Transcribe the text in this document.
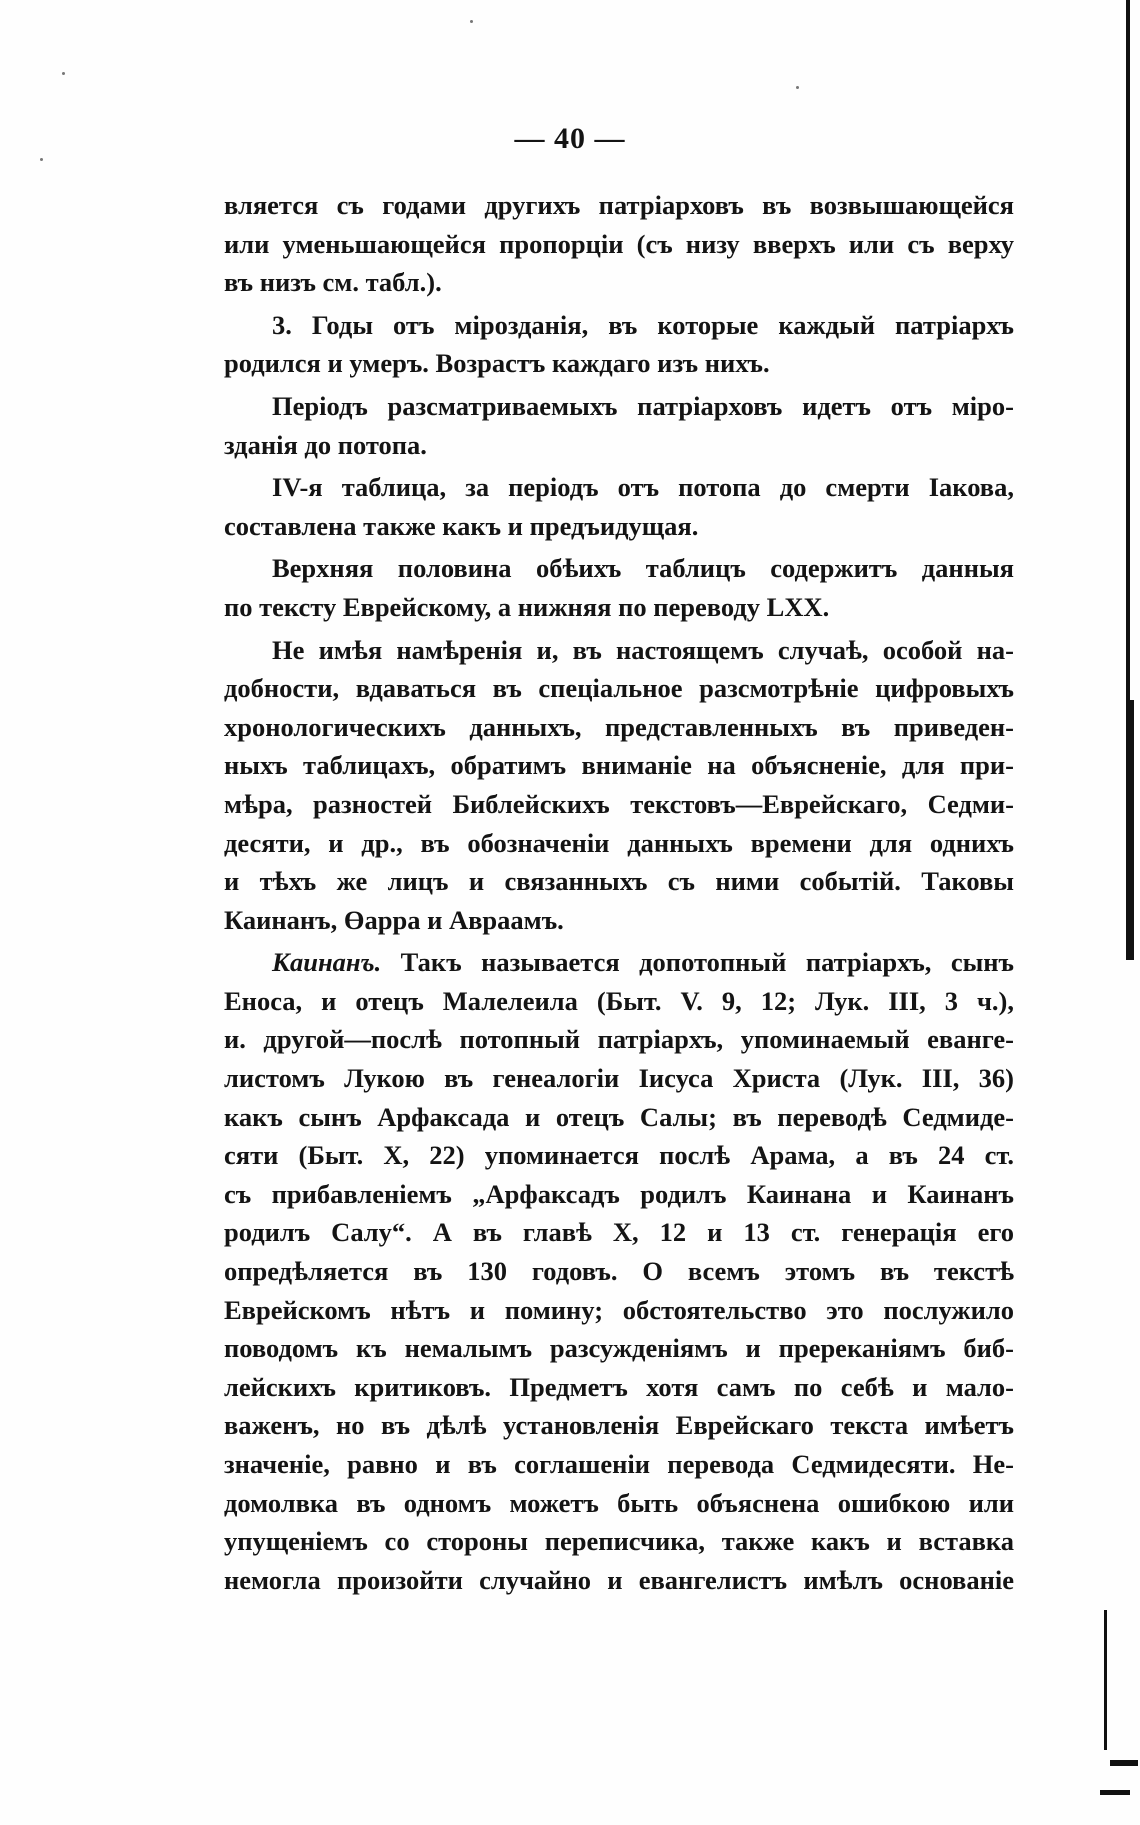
— 40 —
вляется съ годами другихъ патріарховъ въ возвышающейся
или уменьшающейся пропорціи (съ низу вверхъ или съ верху
въ низъ см. табл.).
3. Годы отъ міроздaнія, въ которые каждый патріархъ
родился и умеръ. Возрастъ каждаго изъ нихъ.
Періодъ разсматриваемыхъ патріарховъ идетъ отъ міро-
зданія до потопа.
IV-я таблица, за періодъ отъ потопа до смерти Іакова,
составлена также какъ и предъидущая.
Верхняя половина обѣихъ таблицъ содержитъ данныя
по тексту Еврейскому, а нижняя по переводу LXX.
Не имѣя намѣренія и, въ настоящемъ случаѣ, особой на-
добности, вдаваться въ спеціальное разсмотрѣніе цифровыхъ
хронологическихъ данныхъ, представленныхъ въ приведен-
ныхъ таблицахъ, обратимъ вниманіе на объясненіе, для при-
мѣра, разностей Библейскихъ текстовъ—Еврейскаго, Седми-
десяти, и др., въ обозначеніи данныхъ времени для однихъ
и тѣхъ же лицъ и связанныхъ съ ними событій. Таковы
Каинанъ, Өарра и Авраамъ.
Каинанъ. Такъ называется допотопный патріархъ, сынъ
Еноса, и отецъ Малелеила (Быт. V. 9, 12; Лук. III, 3 ч.),
и. другой—послѣ потопный патріархъ, упоминаемый еванге-
листомъ Лукою въ генеалогіи Іисуса Христа (Лук. III, 36)
какъ сынъ Арфаксада и отецъ Салы; въ переводѣ Седмиде-
сяти (Быт. X, 22) упоминается послѣ Арама, а въ 24 ст.
съ прибавленіемъ „Арфаксадъ родилъ Каинана и Каинанъ
родилъ Салу“. А въ главѣ X, 12 и 13 ст. генерація его
опредѣляется въ 130 годовъ. О всемъ этомъ въ текстѣ
Еврейскомъ нѣтъ и помину; обстоятельство это послужило
поводомъ къ немалымъ разсужденіямъ и пререканіямъ биб-
лейскихъ критиковъ. Предметъ хотя самъ по себѣ и мало-
важенъ, но въ дѣлѣ установленія Еврейскаго текста имѣетъ
значеніе, равно и въ соглашеніи перевода Седмидесяти. Не-
домолвка въ одномъ можетъ быть объяснена ошибкою или
упущеніемъ со стороны переписчика, также какъ и вставка
немогла произойти случайно и евангелистъ имѣлъ основаніе
